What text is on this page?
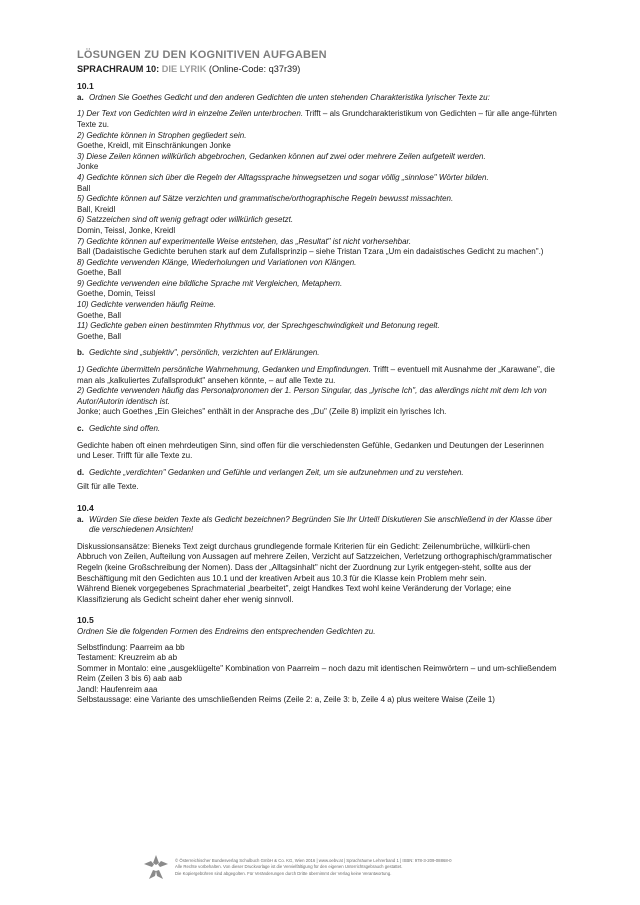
LÖSUNGEN ZU DEN KOGNITIVEN AUFGABEN
SPRACHRAUM 10: DIE LYRIK (Online-Code: q37r39)
10.1
a. Ordnen Sie Goethes Gedicht und den anderen Gedichten die unten stehenden Charakteristika lyrischer Texte zu:
1) Der Text von Gedichten wird in einzelne Zeilen unterbrochen. Trifft – als Grundcharakteristikum von Gedichten – für alle ange-führten Texte zu.
2) Gedichte können in Strophen gegliedert sein.
Goethe, Kreidl, mit Einschränkungen Jonke
3) Diese Zeilen können willkürlich abgebrochen, Gedanken können auf zwei oder mehrere Zeilen aufgeteilt werden.
Jonke
4) Gedichte können sich über die Regeln der Alltagssprache hinwegsetzen und sogar völlig „sinnlose" Wörter bilden.
Ball
5) Gedichte können auf Sätze verzichten und grammatische/orthographische Regeln bewusst missachten.
Ball, Kreidl
6) Satzzeichen sind oft wenig gefragt oder willkürlich gesetzt.
Domin, Teissl, Jonke, Kreidl
7) Gedichte können auf experimentelle Weise entstehen, das „Resultat" ist nicht vorhersehbar.
Ball (Dadaistische Gedichte beruhen stark auf dem Zufallsprinzip – siehe Tristan Tzara „Um ein dadaistisches Gedicht zu machen".)
8) Gedichte verwenden Klänge, Wiederholungen und Variationen von Klängen.
Goethe, Ball
9) Gedichte verwenden eine bildliche Sprache mit Vergleichen, Metaphern.
Goethe, Domin, Teissl
10) Gedichte verwenden häufig Reime.
Goethe, Ball
11) Gedichte geben einen bestimmten Rhythmus vor, der Sprechgeschwindigkeit und Betonung regelt.
Goethe, Ball
b. Gedichte sind „subjektiv", persönlich, verzichten auf Erklärungen.
1) Gedichte übermitteln persönliche Wahrnehmung, Gedanken und Empfindungen. Trifft – eventuell mit Ausnahme der „Karawane", die man als „kalkuliertes Zufallsprodukt" ansehen könnte, – auf alle Texte zu.
2) Gedichte verwenden häufig das Personalpronomen der 1. Person Singular, das „lyrische Ich", das allerdings nicht mit dem Ich von Autor/Autorin identisch ist.
Jonke; auch Goethes „Ein Gleiches" enthält in der Ansprache des „Du" (Zeile 8) implizit ein lyrisches Ich.
c. Gedichte sind offen.

Gedichte haben oft einen mehrdeutigen Sinn, sind offen für die verschiedensten Gefühle, Gedanken und Deutungen der Leserinnen und Leser. Trifft für alle Texte zu.

d. Gedichte „verdichten" Gedanken und Gefühle und verlangen Zeit, um sie aufzunehmen und zu verstehen.

Gilt für alle Texte.

10.4
a. Würden Sie diese beiden Texte als Gedicht bezeichnen? Begründen Sie Ihr Urteil! Diskutieren Sie anschließend in der Klasse über die verschiedenen Ansichten!

Diskussionsansätze: Bieneks Text zeigt durchaus grundlegende formale Kriterien für ein Gedicht: Zeilenumbrüche, willkürli-chen Abbruch von Zeilen, Aufteilung von Aussagen auf mehrere Zeilen, Verzicht auf Satzzeichen, Verletzung orthographisch/grammatischer Regeln (keine Großschreibung der Nomen). Dass der „Alltagsinhalt" nicht der Zuordnung zur Lyrik entgegen-steht, sollte aus der Beschäftigung mit den Gedichten aus 10.1 und der kreativen Arbeit aus 10.3 für die Klasse kein Problem mehr sein.

Während Bienek vorgegebenes Sprachmaterial „bearbeitet", zeigt Handkes Text wohl keine Veränderung der Vorlage; eine Klassifizierung als Gedicht scheint daher eher wenig sinnvoll.

10.5
Ordnen Sie die folgenden Formen des Endreims den entsprechenden Gedichten zu.
Selbstfindung: Paarreim aa bb
Testament: Kreuzreim ab ab
Sommer in Montalo: eine „ausgeklügelte" Kombination von Paarreim – noch dazu mit identischen Reimwörtern – und um-schließendem Reim (Zeilen 3 bis 6) aab aab
Jandl: Haufenreim aaa
Selbstaussage: eine Variante des umschließenden Reims (Zeile 2: a, Zeile 3: b, Zeile 4 a) plus weitere Waise (Zeile 1)
© Österreichischer Bundesverlag Schulbuch GmbH & Co. KG, Wien 2016 | www.oebv.at | Sprachräume Lehrerband 1 | ISBN: 978-3-209-08868-0
Alle Rechte vorbehalten. Von dieser Druckvorlage ist die Vervielfältigung für den eigenen Unterrichtsgebrauch gestattet.
Die Kopiergebühren sind abgegolten. Für Veränderungen durch Dritte übernimmt der Verlag keine Verantwortung.
